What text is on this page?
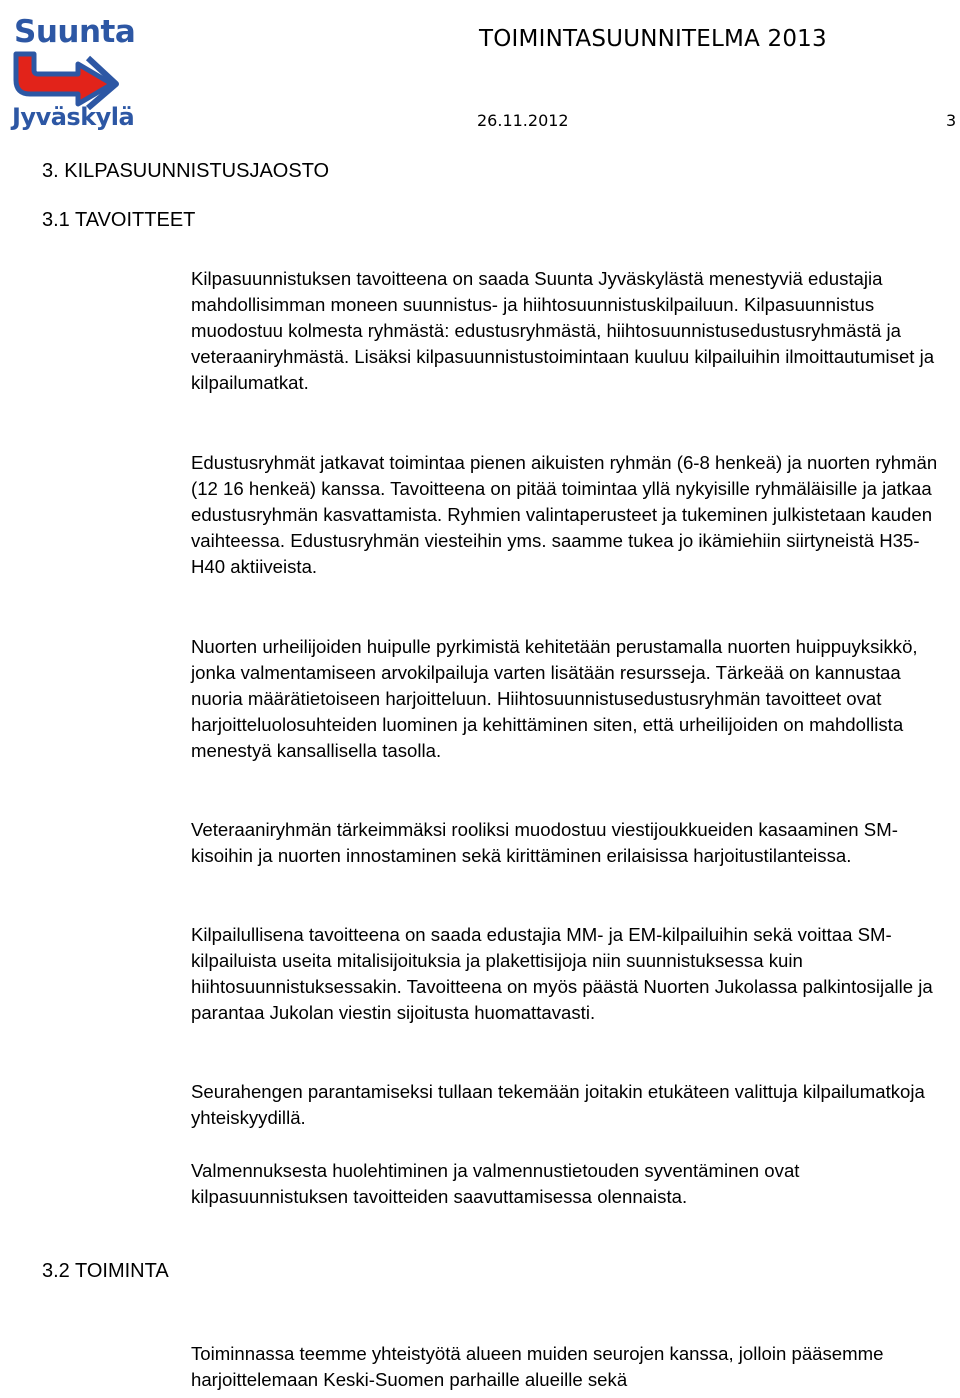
Suunta
Jyväskylä
TOIMINTASUUNNITELMA 2013
26.11.2012	3
3. KILPASUUNNISTUSJAOSTO
3.1 TAVOITTEET

Kilpasuunnistuksen tavoitteena on saada Suunta Jyväskylästä menestyviä edustajia mahdollisimman moneen suunnistus- ja hiihtosuunnistuskilpailuun. Kilpasuunnistus muodostuu kolmesta ryhmästä: edustusryhmästä, hiihtosuunnistusedustusryhmästä ja veteraaniryhmästä. Lisäksi kilpasuunnistustoimintaan kuuluu kilpailuihin ilmoittautumiset ja kilpailumatkat.

Edustusryhmät jatkavat toimintaa pienen aikuisten ryhmän (6-8 henkeä) ja nuorten ryhmän (12 16 henkeä) kanssa. Tavoitteena on pitää toimintaa yllä nykyisille ryhmäläisille ja jatkaa edustusryhmän kasvattamista. Ryhmien valintaperusteet ja tukeminen julkistetaan kauden vaihteessa. Edustusryhmän viesteihin yms. saamme tukea jo ikämiehiin siirtyneistä H35-H40 aktiiveista.

Nuorten urheilijoiden huipulle pyrkimistä kehitetään perustamalla nuorten huippuyksikkö, jonka valmentamiseen arvokilpailuja varten lisätään resursseja. Tärkeää on kannustaa nuoria määrätietoiseen harjoitteluun. Hiihtosuunnistusedustusryhmän tavoitteet ovat harjoitteluolosuhteiden luominen ja kehittäminen siten, että urheilijoiden on mahdollista menestyä kansallisella tasolla.

Veteraaniryhmän tärkeimmäksi rooliksi muodostuu viestijoukkueiden kasaaminen SM-kisoihin ja nuorten innostaminen sekä kirittäminen erilaisissa harjoitustilanteissa.

Kilpailullisena tavoitteena on saada edustajia MM- ja EM-kilpailuihin sekä voittaa SM-kilpailuista useita mitalisijoituksia ja plakettisijoja niin suunnistuksessa kuin hiihtosuunnistuksessakin. Tavoitteena on myös päästä Nuorten Jukolassa palkintosijalle ja parantaa Jukolan viestin sijoitusta huomattavasti.

Seurahengen parantamiseksi tullaan tekemään joitakin etukäteen valittuja kilpailumatkoja yhteiskyydillä.

Valmennuksesta huolehtiminen ja valmennustietouden syventäminen ovat kilpasuunnistuksen tavoitteiden saavuttamisessa olennaista.

3.2 TOIMINTA

Toiminnassa teemme yhteistyötä alueen muiden seurojen kanssa, jolloin pääsemme harjoittelemaan Keski-Suomen parhaille alueille sekä
